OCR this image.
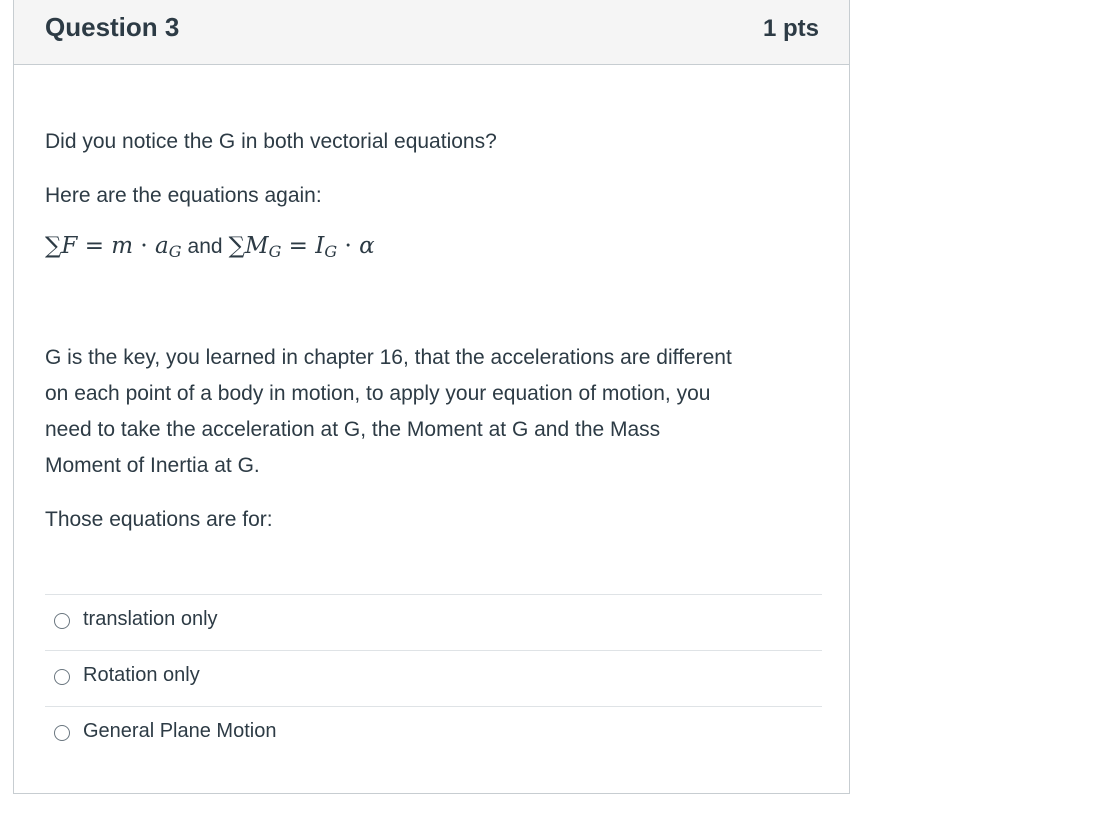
Question 3	1 pts

Did you notice the G in both vectorial equations?

Here are the equations again:

$\sum F = m \cdot a_G$ and $\sum M_G = I_G \cdot \alpha$

G is the key, you learned in chapter 16, that the accelerations are different

on each point of a body in motion, to apply your equation of motion, you

need to take the acceleration at G, the Moment at G and the Mass

Moment of Inertia at G.

Those equations are for:

translation only
Rotation only
General Plane Motion
